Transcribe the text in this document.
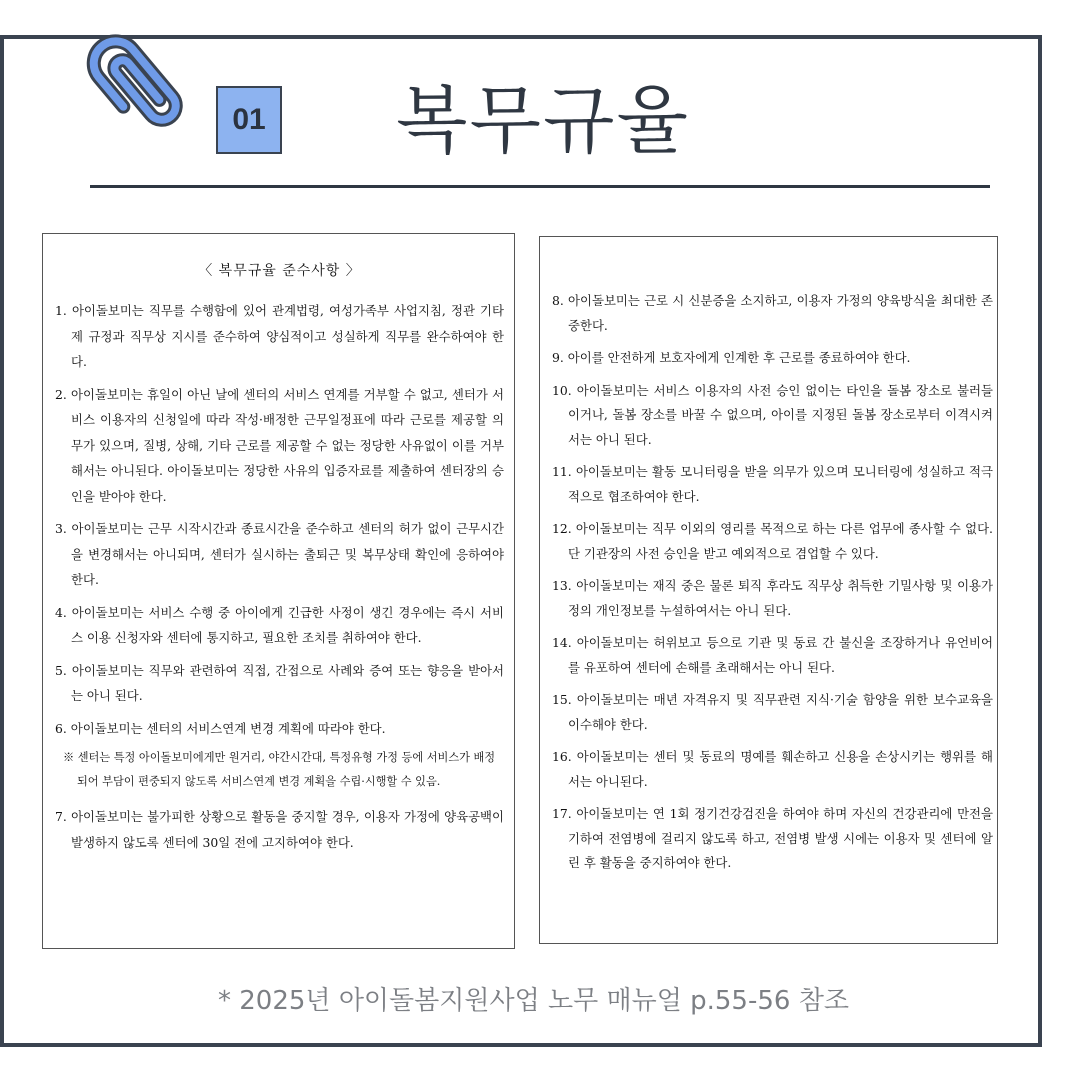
01 복무규율
〈 복무규율 준수사항 〉
1. 아이돌보미는 직무를 수행함에 있어 관계법령, 여성가족부 사업지침, 정관 기타 제 규정과 직무상 지시를 준수하여 양심적이고 성실하게 직무를 완수하여야 한다.
2. 아이돌보미는 휴일이 아닌 날에 센터의 서비스 연계를 거부할 수 없고, 센터가 서비스 이용자의 신청일에 따라 작성·배정한 근무일정표에 따라 근로를 제공할 의무가 있으며, 질병, 상해, 기타 근로를 제공할 수 없는 정당한 사유없이 이를 거부해서는 아니된다. 아이돌보미는 정당한 사유의 입증자료를 제출하여 센터장의 승인을 받아야 한다.
3. 아이돌보미는 근무 시작시간과 종료시간을 준수하고 센터의 허가 없이 근무시간을 변경해서는 아니되며, 센터가 실시하는 출퇴근 및 복무상태 확인에 응하여야 한다.
4. 아이돌보미는 서비스 수행 중 아이에게 긴급한 사정이 생긴 경우에는 즉시 서비스 이용 신청자와 센터에 통지하고, 필요한 조치를 취하여야 한다.
5. 아이돌보미는 직무와 관련하여 직접, 간접으로 사례와 증여 또는 향응을 받아서는 아니 된다.
6. 아이돌보미는 센터의 서비스연계 변경 계획에 따라야 한다.
※ 센터는 특정 아이돌보미에게만 원거리, 야간시간대, 특정유형 가정 등에 서비스가 배정되어 부담이 편중되지 않도록 서비스연계 변경 계획을 수립·시행할 수 있음.
7. 아이돌보미는 불가피한 상황으로 활동을 중지할 경우, 이용자 가정에 양육공백이 발생하지 않도록 센터에 30일 전에 고지하여야 한다.
8. 아이돌보미는 근로 시 신분증을 소지하고, 이용자 가정의 양육방식을 최대한 존중한다.
9. 아이를 안전하게 보호자에게 인계한 후 근로를 종료하여야 한다.
10. 아이돌보미는 서비스 이용자의 사전 승인 없이는 타인을 돌봄 장소로 불러들이거나, 돌봄 장소를 바꿀 수 없으며, 아이를 지정된 돌봄 장소로부터 이격시켜서는 아니 된다.
11. 아이돌보미는 활동 모니터링을 받을 의무가 있으며 모니터링에 성실하고 적극적으로 협조하여야 한다.
12. 아이돌보미는 직무 이외의 영리를 목적으로 하는 다른 업무에 종사할 수 없다. 단 기관장의 사전 승인을 받고 예외적으로 겸업할 수 있다.
13. 아이돌보미는 재직 중은 물론 퇴직 후라도 직무상 취득한 기밀사항 및 이용가정의 개인정보를 누설하여서는 아니 된다.
14. 아이돌보미는 허위보고 등으로 기관 및 동료 간 불신을 조장하거나 유언비어를 유포하여 센터에 손해를 초래해서는 아니 된다.
15. 아이돌보미는 매년 자격유지 및 직무관련 지식·기술 함양을 위한 보수교육을 이수해야 한다.
16. 아이돌보미는 센터 및 동료의 명예를 훼손하고 신용을 손상시키는 행위를 해서는 아니된다.
17. 아이돌보미는 연 1회 정기건강검진을 하여야 하며 자신의 건강관리에 만전을 기하여 전염병에 걸리지 않도록 하고, 전염병 발생 시에는 이용자 및 센터에 알린 후 활동을 중지하여야 한다.
* 2025년 아이돌봄지원사업 노무 매뉴얼 p.55-56 참조
